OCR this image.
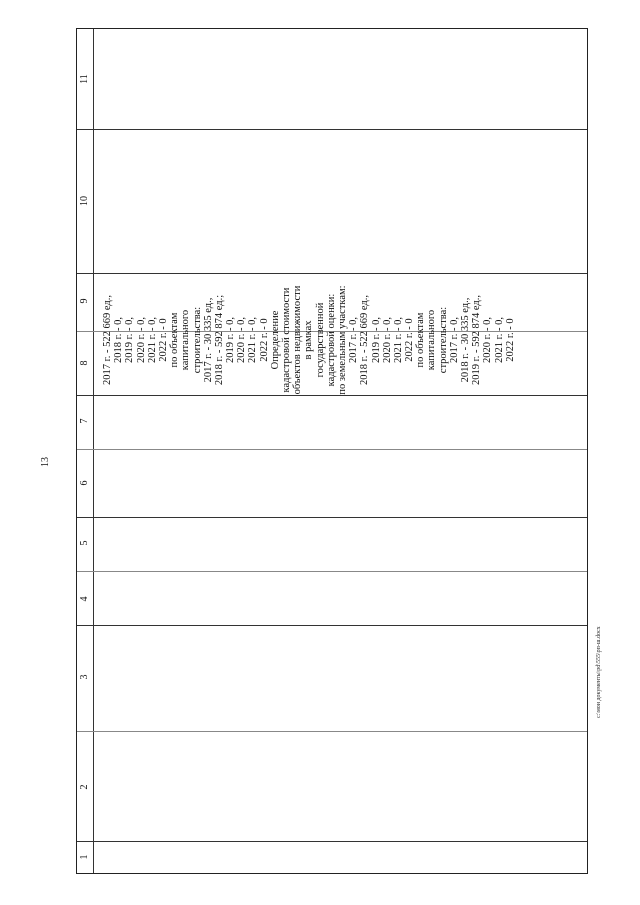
13
11
10
9
8
7
6
5
4
3
2
1
2017 г. - 522 669 ед., 2018 г. - 0, 2019 г. - 0, 2020 г. - 0, 2021 г. - 0, 2022 г. - 0 по объектам капитального строительства: 2017 г. - 30 335 ед., 2018 г. - 592 874 ед.; 2019 г. - 0, 2020 г. - 0, 2021 г. - 0, 2022 г. - 0 Определение кадастровой стоимости объектов недвижимости в рамках государственной кадастровой оценки: по земельным участкам: 2017 г. - 0, 2018 г. - 522 669 ед., 2019 г. - 0, 2020 г. - 0, 2021 г. - 0, 2022 г. - 0 по объектам капитального строительства: 2017 г. - 0, 2018 г. - 30 335 ед., 2019 г. - 592 874 ед., 2020 г. - 0, 2021 г. - 0, 2022 г. - 0
c:\мои документы\pd\555\рп-ш.docx
